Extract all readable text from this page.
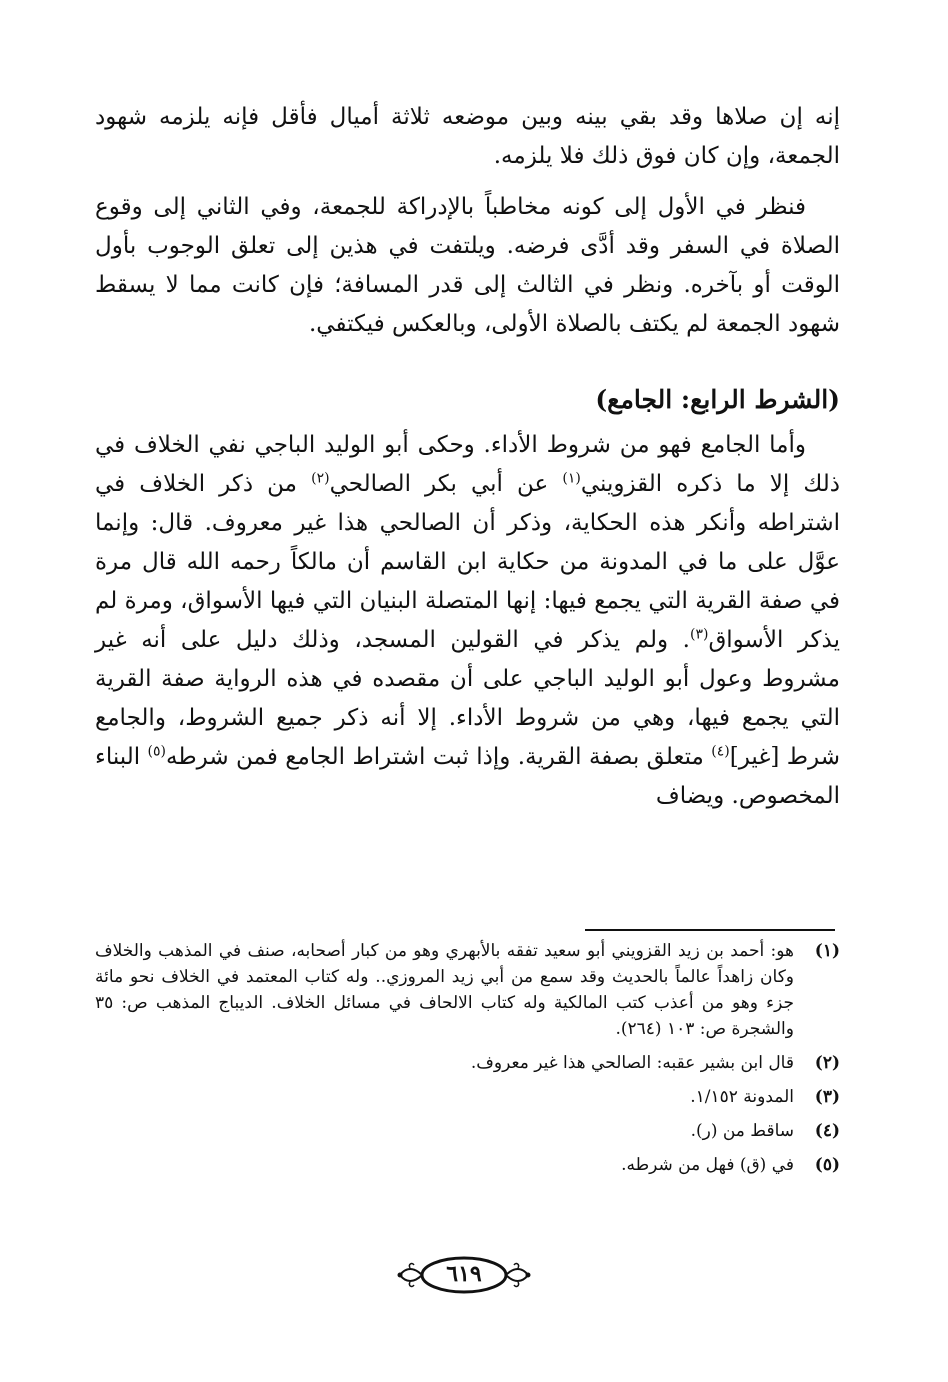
إنه إن صلاها وقد بقي بينه وبين موضعه ثلاثة أميال فأقل فإنه يلزمه شهود الجمعة، وإن كان فوق ذلك فلا يلزمه.

فنظر في الأول إلى كونه مخاطباً بالإدراكة للجمعة، وفي الثاني إلى وقوع الصلاة في السفر وقد أدَّى فرضه. ويلتفت في هذين إلى تعلق الوجوب بأول الوقت أو بآخره. ونظر في الثالث إلى قدر المسافة؛ فإن كانت مما لا يسقط شهود الجمعة لم يكتف بالصلاة الأولى، وبالعكس فيكتفي.

(الشرط الرابع: الجامع)

وأما الجامع فهو من شروط الأداء. وحكى أبو الوليد الباجي نفي الخلاف في ذلك إلا ما ذكره القزويني$^{(١)}$ عن أبي بكر الصالحي$^{(٢)}$ من ذكر الخلاف في اشتراطه وأنكر هذه الحكاية، وذكر أن الصالحي هذا غير معروف. قال: وإنما عوَّل على ما في المدونة من حكاية ابن القاسم أن مالكاً رحمه الله قال مرة في صفة القرية التي يجمع فيها: إنها المتصلة البنيان التي فيها الأسواق، ومرة لم يذكر الأسواق$^{(٣)}$. ولم يذكر في القولين المسجد، وذلك دليل على أنه غير مشروط وعول أبو الوليد الباجي على أن مقصده في هذه الرواية صفة القرية التي يجمع فيها، وهي من شروط الأداء. إلا أنه ذكر جميع الشروط، والجامع شرط [غير]$^{(٤)}$ متعلق بصفة القرية. وإذا ثبت اشتراط الجامع فمن شرطه$^{(٥)}$ البناء المخصوص. ويضاف

(١)
هو: أحمد بن زيد القزويني أبو سعيد تفقه بالأبهري وهو من كبار أصحابه، صنف في المذهب والخلاف وكان زاهداً عالماً بالحديث وقد سمع من أبي زيد المروزي.. وله كتاب المعتمد في الخلاف نحو مائة جزء وهو من أعذب كتب المالكية وله كتاب الالحاف في مسائل الخلاف. الديباج المذهب ص: ٣٥ والشجرة ص: ١٠٣ (٢٦٤).
(٢)
قال ابن بشير عقبه: الصالحي هذا غير معروف.
(٣)
المدونة ١/١٥٢.
(٤)
ساقط من (ر).
(٥)
في (ق) فهل من شرطه.
٦١٩
